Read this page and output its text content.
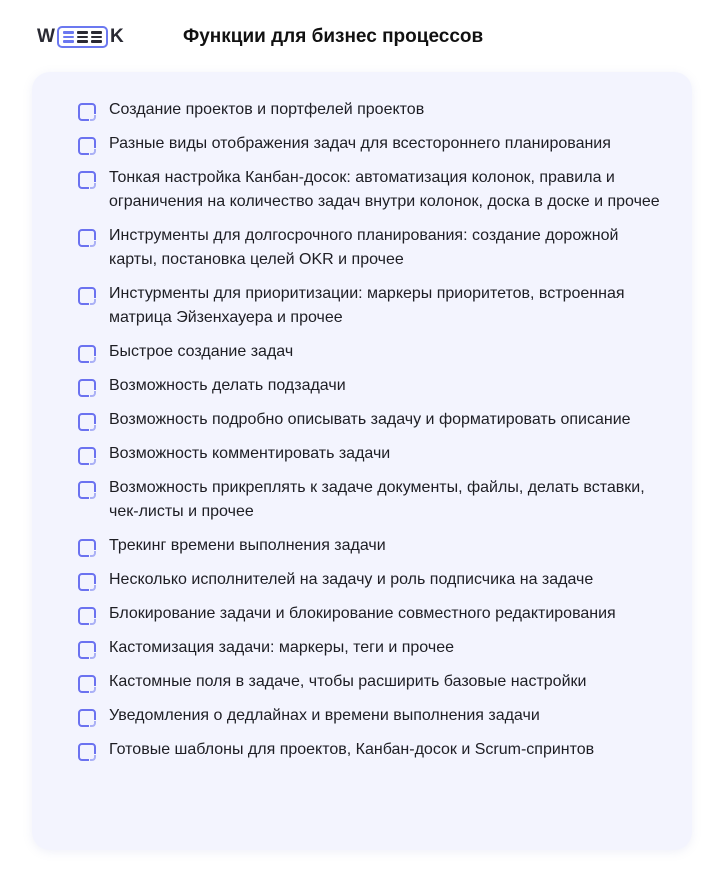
W	K	Функции для бизнес процессов
Создание проектов и портфелей проектов
Разные виды отображения задач для всестороннего планирования
Тонкая настройка Канбан-досок: автоматизация колонок, правила и ограничения на количество задач внутри колонок, доска в доске и прочее
Инструменты для долгосрочного планирования: создание дорожной карты, постановка целей OKR и прочее
Инстурменты для приоритизации: маркеры приоритетов, встроенная матрица Эйзенхауера и прочее
Быстрое создание задач
Возможность делать подзадачи
Возможность подробно описывать задачу и форматировать описание
Возможность комментировать задачи
Возможность прикреплять к задаче документы, файлы, делать вставки, чек-листы и прочее
Трекинг времени выполнения задачи
Несколько исполнителей на задачу и роль подписчика на задаче
Блокирование задачи и блокирование совместного редактирования
Кастомизация задачи: маркеры, теги и прочее
Кастомные поля в задаче, чтобы расширить базовые настройки
Уведомления о дедлайнах и времени выполнения задачи
Готовые шаблоны для проектов, Канбан-досок и Scrum-спринтов
